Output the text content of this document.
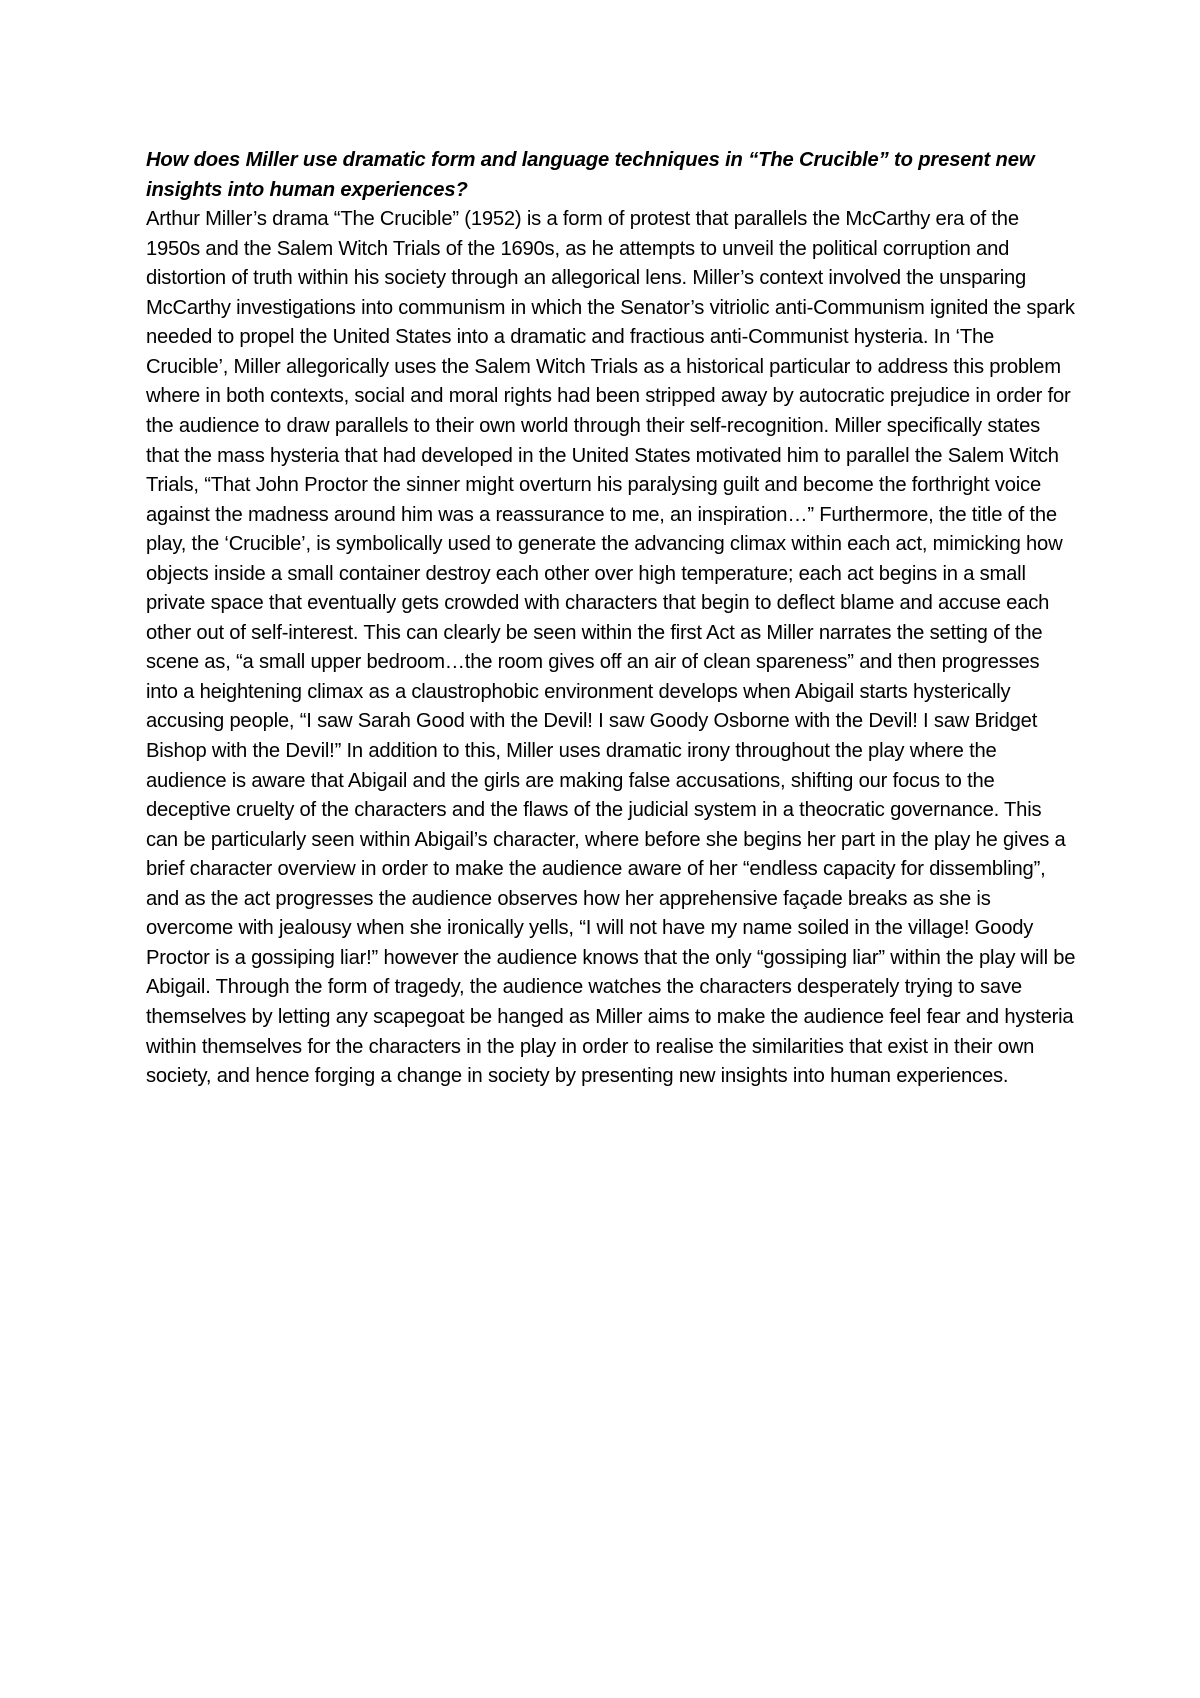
How does Miller use dramatic form and language techniques in “The Crucible” to present new insights into human experiences?

Arthur Miller’s drama “The Crucible” (1952) is a form of protest that parallels the McCarthy era of the 1950s and the Salem Witch Trials of the 1690s, as he attempts to unveil the political corruption and distortion of truth within his society through an allegorical lens. Miller’s context involved the unsparing McCarthy investigations into communism in which the Senator’s vitriolic anti-Communism ignited the spark needed to propel the United States into a dramatic and fractious anti-Communist hysteria. In ‘The Crucible’, Miller allegorically uses the Salem Witch Trials as a historical particular to address this problem where in both contexts, social and moral rights had been stripped away by autocratic prejudice in order for the audience to draw parallels to their own world through their self-recognition. Miller specifically states that the mass hysteria that had developed in the United States motivated him to parallel the Salem Witch Trials, “That John Proctor the sinner might overturn his paralysing guilt and become the forthright voice against the madness around him was a reassurance to me, an inspiration…” Furthermore, the title of the play, the ‘Crucible’, is symbolically used to generate the advancing climax within each act, mimicking how objects inside a small container destroy each other over high temperature; each act begins in a small private space that eventually gets crowded with characters that begin to deflect blame and accuse each other out of self-interest. This can clearly be seen within the first Act as Miller narrates the setting of the scene as, “a small upper bedroom…the room gives off an air of clean spareness” and then progresses into a heightening climax as a claustrophobic environment develops when Abigail starts hysterically accusing people, “I saw Sarah Good with the Devil! I saw Goody Osborne with the Devil! I saw Bridget Bishop with the Devil!” In addition to this, Miller uses dramatic irony throughout the play where the audience is aware that Abigail and the girls are making false accusations, shifting our focus to the deceptive cruelty of the characters and the flaws of the judicial system in a theocratic governance. This can be particularly seen within Abigail’s character, where before she begins her part in the play he gives a brief character overview in order to make the audience aware of her “endless capacity for dissembling”, and as the act progresses the audience observes how her apprehensive façade breaks as she is overcome with jealousy when she ironically yells, “I will not have my name soiled in the village! Goody Proctor is a gossiping liar!” however the audience knows that the only “gossiping liar” within the play will be Abigail. Through the form of tragedy, the audience watches the characters desperately trying to save themselves by letting any scapegoat be hanged as Miller aims to make the audience feel fear and hysteria within themselves for the characters in the play in order to realise the similarities that exist in their own society, and hence forging a change in society by presenting new insights into human experiences.
